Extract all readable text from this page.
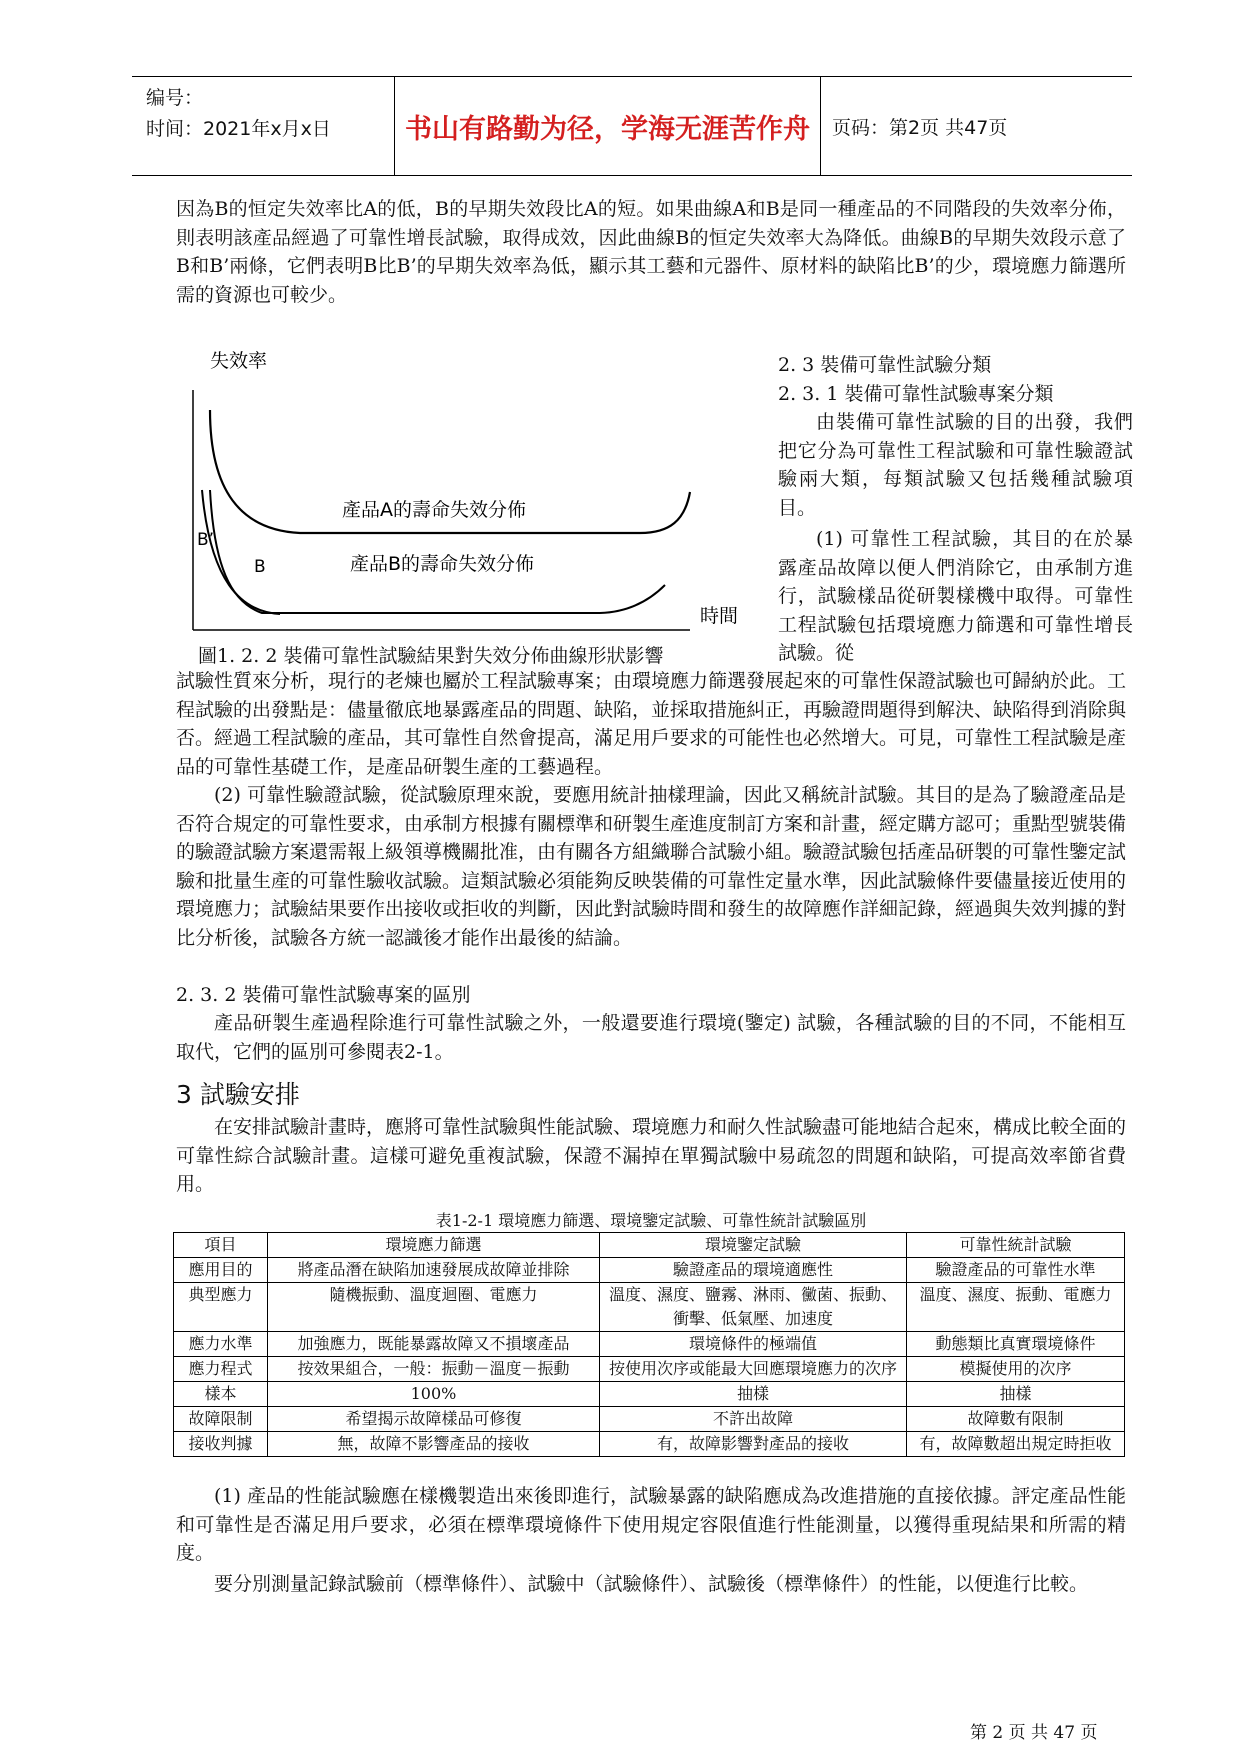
编号：
时间：2021年x月x日	书山有路勤为径，学海无涯苦作舟	页码：第2页 共47页

因為B的恒定失效率比A的低，B的早期失效段比A的短。如果曲線A和B是同一種產品的不同階段的失效率分佈，則表明該產品經過了可靠性增長試驗，取得成效，因此曲線B的恒定失效率大為降低。曲線B的早期失效段示意了B和B’兩條，它們表明B比B’的早期失效率為低，顯示其工藝和元器件、原材料的缺陷比B’的少，環境應力篩選所需的資源也可較少。

失效率
時間
產品A的壽命失效分佈
產品B的壽命失效分佈
B’
B
圖1. 2. 2 裝備可靠性試驗結果對失效分佈曲線形狀影響
2. 3 裝備可靠性試驗分類
2. 3. 1 裝備可靠性試驗專案分類

由裝備可靠性試驗的目的出發，我們把它分為可靠性工程試驗和可靠性驗證試驗兩大類，每類試驗又包括幾種試驗項目。

(1) 可靠性工程試驗，其目的在於暴露產品故障以便人們消除它，由承制方進行，試驗樣品從研製樣機中取得。可靠性工程試驗包括環境應力篩選和可靠性增長試驗。從

試驗性質來分析，現行的老煉也屬於工程試驗專案；由環境應力篩選發展起來的可靠性保證試驗也可歸納於此。工程試驗的出發點是：儘量徹底地暴露產品的問題、缺陷，並採取措施糾正，再驗證問題得到解決、缺陷得到消除與否。經過工程試驗的產品，其可靠性自然會提高，滿足用戶要求的可能性也必然增大。可見，可靠性工程試驗是產品的可靠性基礎工作，是產品研製生產的工藝過程。

(2) 可靠性驗證試驗，從試驗原理來說，要應用統計抽樣理論，因此又稱統計試驗。其目的是為了驗證產品是否符合規定的可靠性要求，由承制方根據有關標準和研製生產進度制訂方案和計畫，經定購方認可；重點型號裝備的驗證試驗方案還需報上級領導機關批准，由有關各方組織聯合試驗小組。驗證試驗包括產品研製的可靠性鑒定試驗和批量生產的可靠性驗收試驗。這類試驗必須能夠反映裝備的可靠性定量水準，因此試驗條件要儘量接近使用的環境應力；試驗結果要作出接收或拒收的判斷，因此對試驗時間和發生的故障應作詳細記錄，經過與失效判據的對比分析後，試驗各方統一認識後才能作出最後的結論。

2. 3. 2 裝備可靠性試驗專案的區別

產品研製生產過程除進行可靠性試驗之外，一般還要進行環境(鑒定) 試驗，各種試驗的目的不同，不能相互取代，它們的區別可參閱表2-1。

3 試驗安排

在安排試驗計畫時，應將可靠性試驗與性能試驗、環境應力和耐久性試驗盡可能地結合起來，構成比較全面的可靠性綜合試驗計畫。這樣可避免重複試驗，保證不漏掉在單獨試驗中易疏忽的問題和缺陷，可提高效率節省費用。

表1-2-1 環境應力篩選、環境鑒定試驗、可靠性統計試驗區別
項目	環境應力篩選	環境鑒定試驗	可靠性統計試驗
應用目的	將產品潛在缺陷加速發展成故障並排除	驗證產品的環境適應性	驗證產品的可靠性水準
典型應力	隨機振動、溫度迴圈、電應力	溫度、濕度、鹽霧、淋雨、黴菌、振動、衝擊、低氣壓、加速度	溫度、濕度、振動、電應力
應力水準	加強應力，既能暴露故障又不損壞產品	環境條件的極端值	動態類比真實環境條件
應力程式	按效果組合，一般：振動－溫度－振動	按使用次序或能最大回應環境應力的次序	模擬使用的次序
樣本	100%	抽樣	抽樣
故障限制	希望揭示故障樣品可修復	不許出故障	故障數有限制
接收判據	無，故障不影響產品的接收	有，故障影響對產品的接收	有，故障數超出規定時拒收

(1) 產品的性能試驗應在樣機製造出來後即進行，試驗暴露的缺陷應成為改進措施的直接依據。評定產品性能和可靠性是否滿足用戶要求，必須在標準環境條件下使用規定容限值進行性能測量，以獲得重現結果和所需的精度。

要分別測量記錄試驗前（標準條件）、試驗中（試驗條件）、試驗後（標準條件）的性能，以便進行比較。

第 2 页 共 47 页
